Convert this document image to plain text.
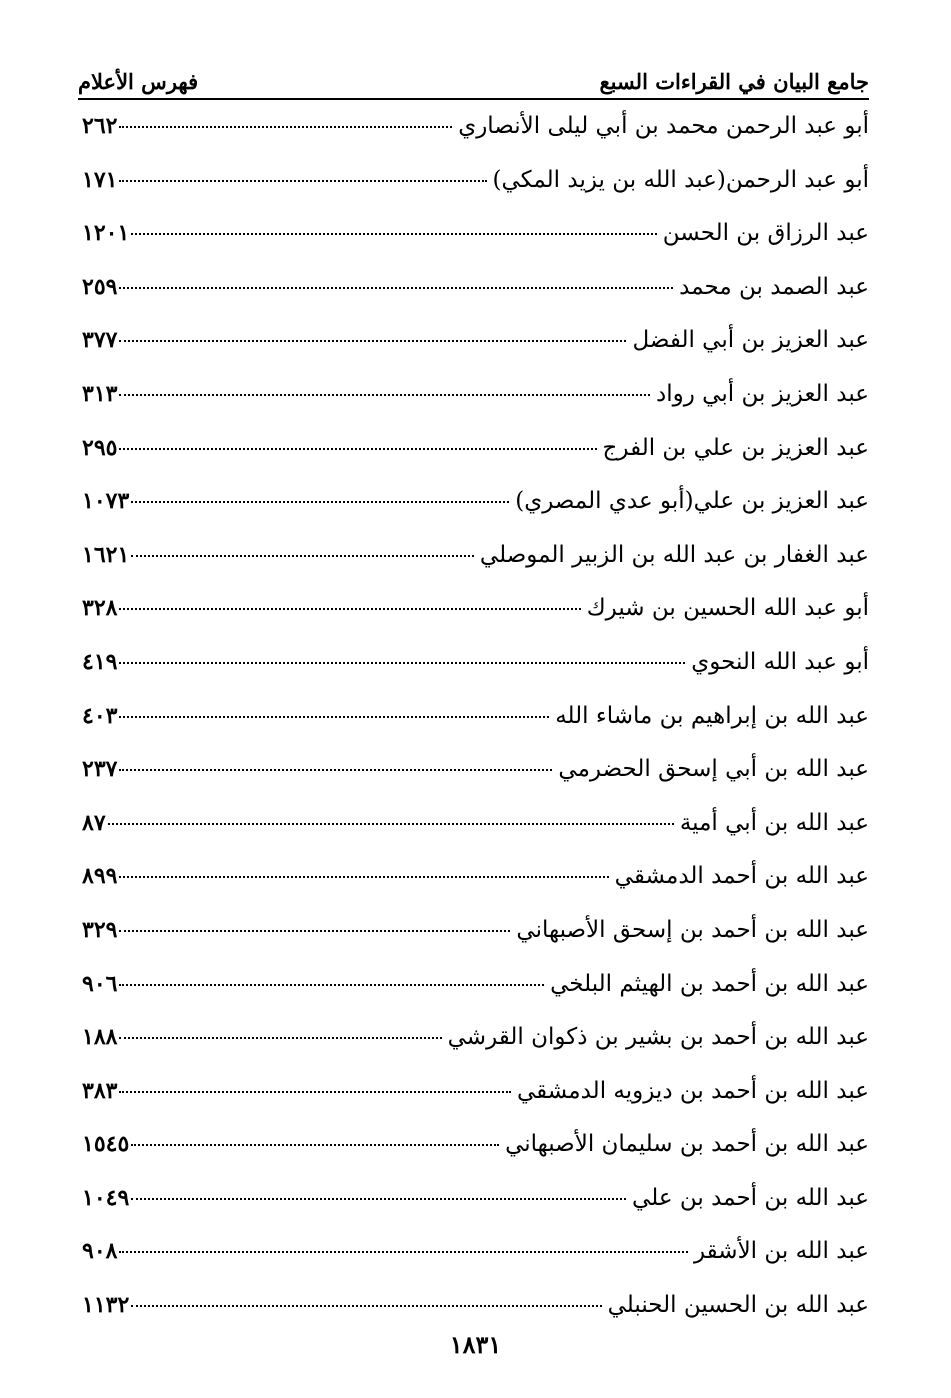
جامع البيان في القراءات السبع
فهرس الأعلام
أبو عبد الرحمن محمد بن أبي ليلى الأنصاري
٢٦٢
أبو عبد الرحمن(عبد الله بن يزيد المكي)
١٧١
عبد الرزاق بن الحسن
١٢٠١
عبد الصمد بن محمد
٢٥٩
عبد العزيز بن أبي الفضل
٣٧٧
عبد العزيز بن أبي رواد
٣١٣
عبد العزيز بن علي بن الفرج
٢٩٥
عبد العزيز بن علي(أبو عدي المصري)
١٠٧٣
عبد الغفار بن عبد الله بن الزبير الموصلي
١٦٢١
أبو عبد الله الحسين بن شيرك
٣٢٨
أبو عبد الله النحوي
٤١٩
عبد الله بن إبراهيم بن ماشاء الله
٤٠٣
عبد الله بن أبي إسحق الحضرمي
٢٣٧
عبد الله بن أبي أمية
٨٧
عبد الله بن أحمد الدمشقي
٨٩٩
عبد الله بن أحمد بن إسحق الأصبهاني
٣٢٩
عبد الله بن أحمد بن الهيثم البلخي
٩٠٦
عبد الله بن أحمد بن بشير بن ذكوان القرشي
١٨٨
عبد الله بن أحمد بن ديزويه الدمشقي
٣٨٣
عبد الله بن أحمد بن سليمان الأصبهاني
١٥٤٥
عبد الله بن أحمد بن علي
١٠٤٩
عبد الله بن الأشقر
٩٠٨
عبد الله بن الحسين الحنبلي
١١٣٢
١٨٣١
